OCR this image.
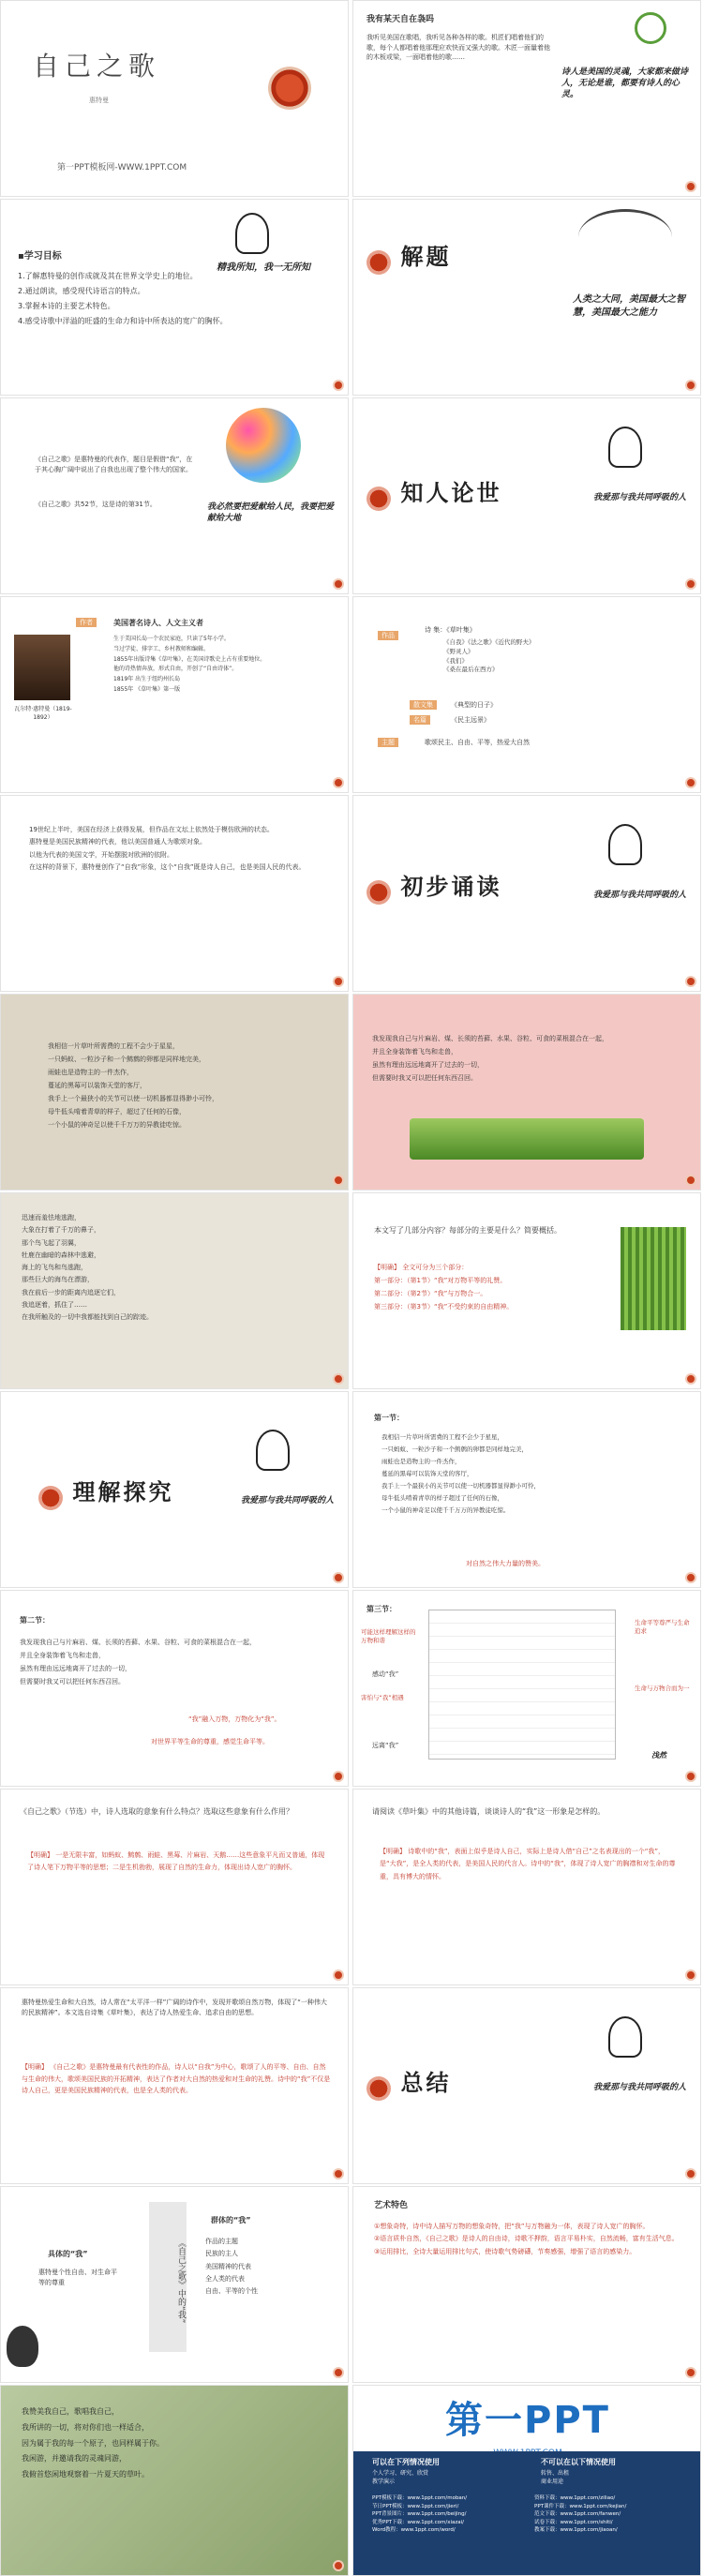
自己之歌
惠特曼
第一PPT模板网-WWW.1PPT.COM
我有某天自在袅吗
我听见美国在歌唱，我听见各种各样的歌。机匠们唱着他们的歌，每个人都唱着他那理应欢快而又强大的歌。木匠一面量着他的木板或梁，一面唱着他的歌……
诗人是美国的灵魂，大家都来做诗人，无论是谁，都要有诗人的心灵。
▪学习目标
1.了解惠特曼的创作成就及其在世界文学史上的地位。
2.通过朗读，感受现代诗语言的特点。
3.掌握本诗的主要艺术特色。
4.感受诗歌中洋溢的旺盛的生命力和诗中所表达的宽广的胸怀。
精我所知，我一无所知	解题
人类之大同，美国最大之智慧，美国最大之能力
《自己之歌》是惠特曼的代表作，题目是假借“我”，在于其心胸广阔中说出了自我也出现了整个伟大的国家。
《自己之歌》共52节，这是诗的第31节。	我必然要把爱献给人民，我要把爱献给大地
知人论世	我爱那与我共同呼吸的人
作者
瓦尔特·惠特曼（1819-1892）
美国著名诗人、人文主义者
生于美国长岛一个农民家庭，只读了5年小学。
当过学徒、排字工、乡村教师和编辑。
1855年出版诗集《草叶集》，在美国诗歌史上占有重要地位。
他的诗热情奔放，形式自由，开创了“自由诗体”。
1819年 出生于纽约州长岛
1855年 《草叶集》第一版
作品
诗 集：《草叶集》
《自我》《法之歌》《近代的野夫》
《野灵人》
《我们》
《桑在最后在西方》
散文集	《典型的日子》
名篇	《民主远景》
主题	歌颂民主、自由、平等，热爱大自然
19世纪上半叶，美国在经济上获得发展，但作品在文坛上依然处于模仿欧洲的状态。
惠特曼是美国民族精神的代表，他以美国普通人为歌颂对象。
以他为代表的美国文学，开始摆脱对欧洲的依附。
在这样的背景下，惠特曼创作了“自我”形象，这个“自我”既是诗人自己，也是美国人民的代表。
初步诵读	我爱那与我共同呼吸的人
我相信一片草叶所需费的工程不会少于星星，
一只蚂蚁、一粒沙子和一个鹪鹩的卵都是同样地完美，
雨蛙也是造物主的一件杰作，
蔓延的黑莓可以装饰天堂的客厅，
我手上一个最狭小的关节可以使一切机器都显得渺小可怜，
母牛低头啃着青草的样子，超过了任何的石像，
一个小鼠的神奇足以使千千万万的异教徒吃惊。
我发现我自己与片麻岩、煤、长须的苔藓、水果、谷粒、可食的菜根混合在一起，
并且全身装饰着飞鸟和走兽，
虽然有理由远远地离开了过去的一切，
但需要时我又可以把任何东西召回。
迅速而羞怯地逃跑，
大象在打着了千万的鼻子，
那个鸟飞起了羽翼，
牡鹿在幽暗的森林中逃避，
海上的飞鸟和鸟逃跑，
那些巨大的海鸟在漂游，
我在前后一步的距离内追逐它们，
我追逐着，抓住了……
在我所触及的一切中我都能找到自己的踪迹。
本文写了几部分内容？每部分的主要是什么？简要概括。
【明确】 全文可分为三个部分：
第一部分：（第1节）“我”对万物平等的礼赞。
第二部分：（第2节）“我”与万物合一。
第三部分：（第3节）“我”不受约束的自由精神。
理解探究	我爱那与我共同呼吸的人
第一节：
我相信一片草叶所需费的工程不会少于星星，
一只蚂蚁、一粒沙子和一个鹪鹩的卵都是同样地完美，
雨蛙也是造物主的一件杰作，
蔓延的黑莓可以装饰天堂的客厅，
我手上一个最狭小的关节可以使一切机器都显得渺小可怜，
母牛低头啃着青草的样子超过了任何的石像，
一个小鼠的神奇足以使千千万万的异教徒吃惊。
对自然之伟大力量的赞美。
第二节：
我发现我自己与片麻岩、煤、长须的苔藓、水果、谷粒、可食的菜根混合在一起，
并且全身装饰着飞鸟和走兽，
虽然有理由远远地离开了过去的一切，
但需要时我又可以把任何东西召回。
“我”融入万物，万物化为“我”。
对世界平等生命的尊重，感觉生命平等。
第三节：
可能这样理解这样的万物和谐
感动“我”
害怕与“我”相遇
远离“我”
生命平等尊严与生命追求
生命与万物合而为一
浅然
《自己之歌》（节选）中，诗人选取的意象有什么特点？选取这些意象有什么作用？
【明确】 一是无限丰富，如蚂蚁、鹪鹩、雨蛙、黑莓、片麻岩、天鹅……这些意象平凡而又普通，体现了诗人笔下万物平等的思想；二是生机勃勃，展现了自然的生命力，体现出诗人宽广的胸怀。
请阅读《草叶集》中的其他诗篇，谈谈诗人的“我”这一形象是怎样的。
【明确】 诗歌中的“我”，表面上似乎是诗人自己，实际上是诗人借“自己”之名表现出的一个“我”，是“大我”，是全人类的代表，是美国人民的代言人。诗中的“我”，体现了诗人宽广的胸襟和对生命的尊重，具有博大的情怀。
惠特曼热爱生命和大自然，诗人常在“太平洋一样”广阔的诗作中，发现并歌颂自然万物，体现了“一种伟大的民族精神”。本文选自诗集《草叶集》，表达了诗人热爱生命、追求自由的思想。
【明确】 《自己之歌》是惠特曼最有代表性的作品，诗人以“自我”为中心，歌颂了人的平等、自由、自然与生命的伟大，歌颂美国民族的开拓精神，表达了作者对大自然的热爱和对生命的礼赞。诗中的“我”不仅是诗人自己，更是美国民族精神的代表，也是全人类的代表。	总结	我爱那与我共同呼吸的人
具体的“我”
惠特曼个性自由、对生命平等的尊重	《自己之歌》中的“我”
群体的“我”
作品的主题
民族的主人
美国精神的代表
全人类的代表
自由、平等的个性
艺术特色
①想象奇特，诗中诗人描写万物的想象奇特，把“我”与万物融为一体，表现了诗人宽广的胸怀。
②语言质朴自然，《自己之歌》是诗人的自由诗，诗歌不押韵，语言平易朴实，自然流畅，富有生活气息。
③运用排比，全诗大量运用排比句式，使诗歌气势磅礴，节奏感强，增强了语言的感染力。
我赞美我自己，歌唱我自己，
我所讲的一切，将对你们也一样适合，
因为属于我的每一个原子，也同样属于你。
我闲游，并邀请我的灵魂同游，
我俯首悠闲地观察着一片夏天的草叶。
第一PPT
可以在下列情况使用	不可以在以下情况使用
个人学习、研究、欣赏
教学演示
转售、出租
商业用途
PPT模板下载：www.1ppt.com/moban/
节日PPT模板：www.1ppt.com/jieri/
PPT背景图片：www.1ppt.com/beijing/
优秀PPT下载：www.1ppt.com/xiazai/
Word教程：www.1ppt.com/word/
资料下载：www.1ppt.com/ziliao/
PPT课件下载：www.1ppt.com/kejian/
范文下载：www.1ppt.com/fanwen/
试卷下载：www.1ppt.com/shiti/
教案下载：www.1ppt.com/jiaoan/
